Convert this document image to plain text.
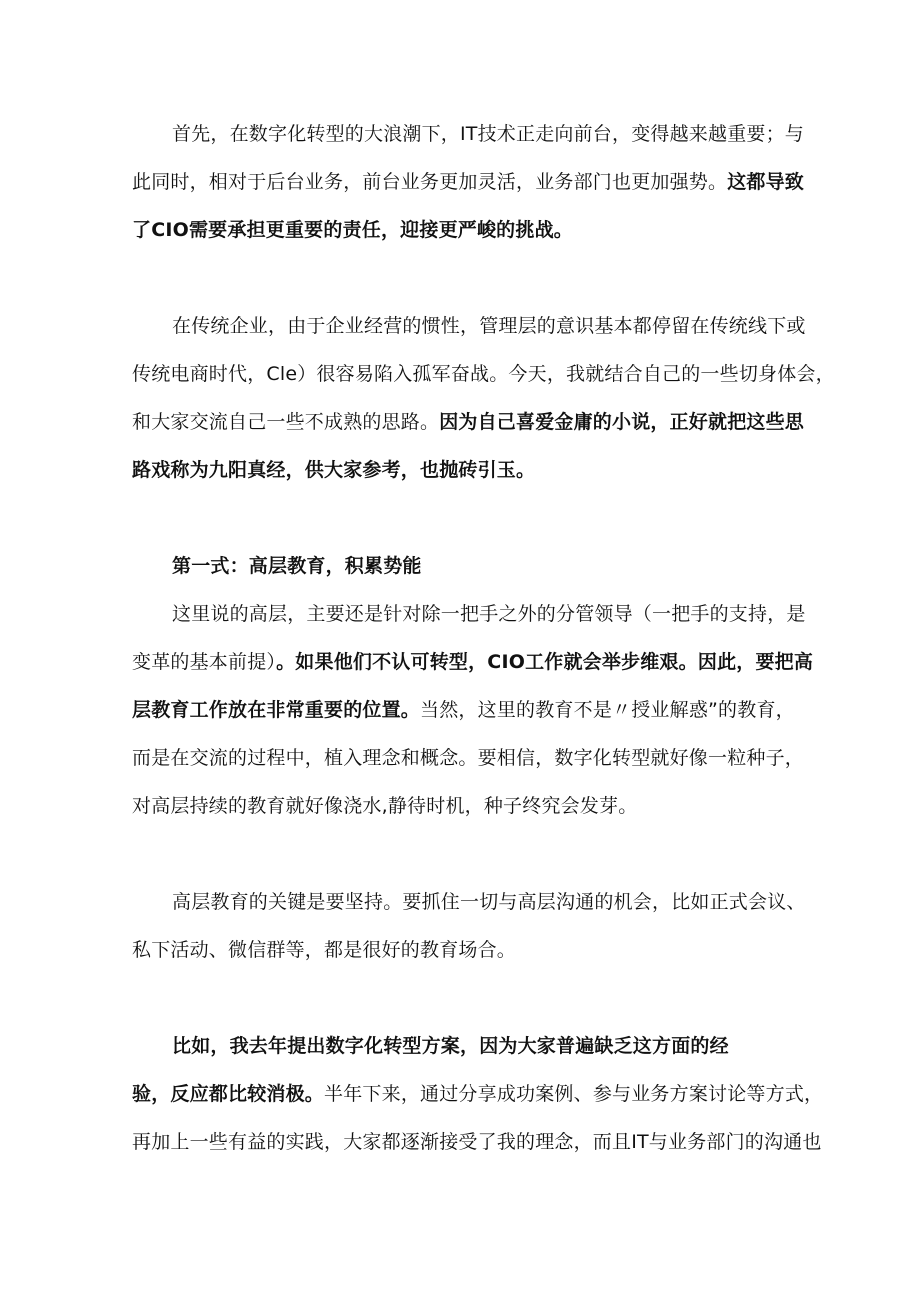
首先，在数字化转型的大浪潮下，IT技术正走向前台，变得越来越重要；与
此同时，相对于后台业务，前台业务更加灵活，业务部门也更加强势。这都导致
了CIO需要承担更重要的责任，迎接更严峻的挑战。
在传统企业，由于企业经营的惯性，管理层的意识基本都停留在传统线下或
传统电商时代，Cle）很容易陷入孤军奋战。今天，我就结合自己的一些切身体会，
和大家交流自己一些不成熟的思路。因为自己喜爱金庸的小说，正好就把这些思
路戏称为九阳真经，供大家参考，也抛砖引玉。
第一式：高层教育，积累势能
这里说的高层，主要还是针对除一把手之外的分管领导（一把手的支持，是
变革的基本前提）。如果他们不认可转型，CIO工作就会举步维艰。因此，要把高
层教育工作放在非常重要的位置。当然，这里的教育不是〃授业解惑”的教育，
而是在交流的过程中，植入理念和概念。要相信，数字化转型就好像一粒种子，
对高层持续的教育就好像浇水,静待时机，种子终究会发芽。
高层教育的关键是要坚持。要抓住一切与高层沟通的机会，比如正式会议、
私下活动、微信群等，都是很好的教育场合。
比如，我去年提出数字化转型方案，因为大家普遍缺乏这方面的经
验，反应都比较消极。半年下来，通过分享成功案例、参与业务方案讨论等方式，
再加上一些有益的实践，大家都逐渐接受了我的理念，而且IT与业务部门的沟通也
